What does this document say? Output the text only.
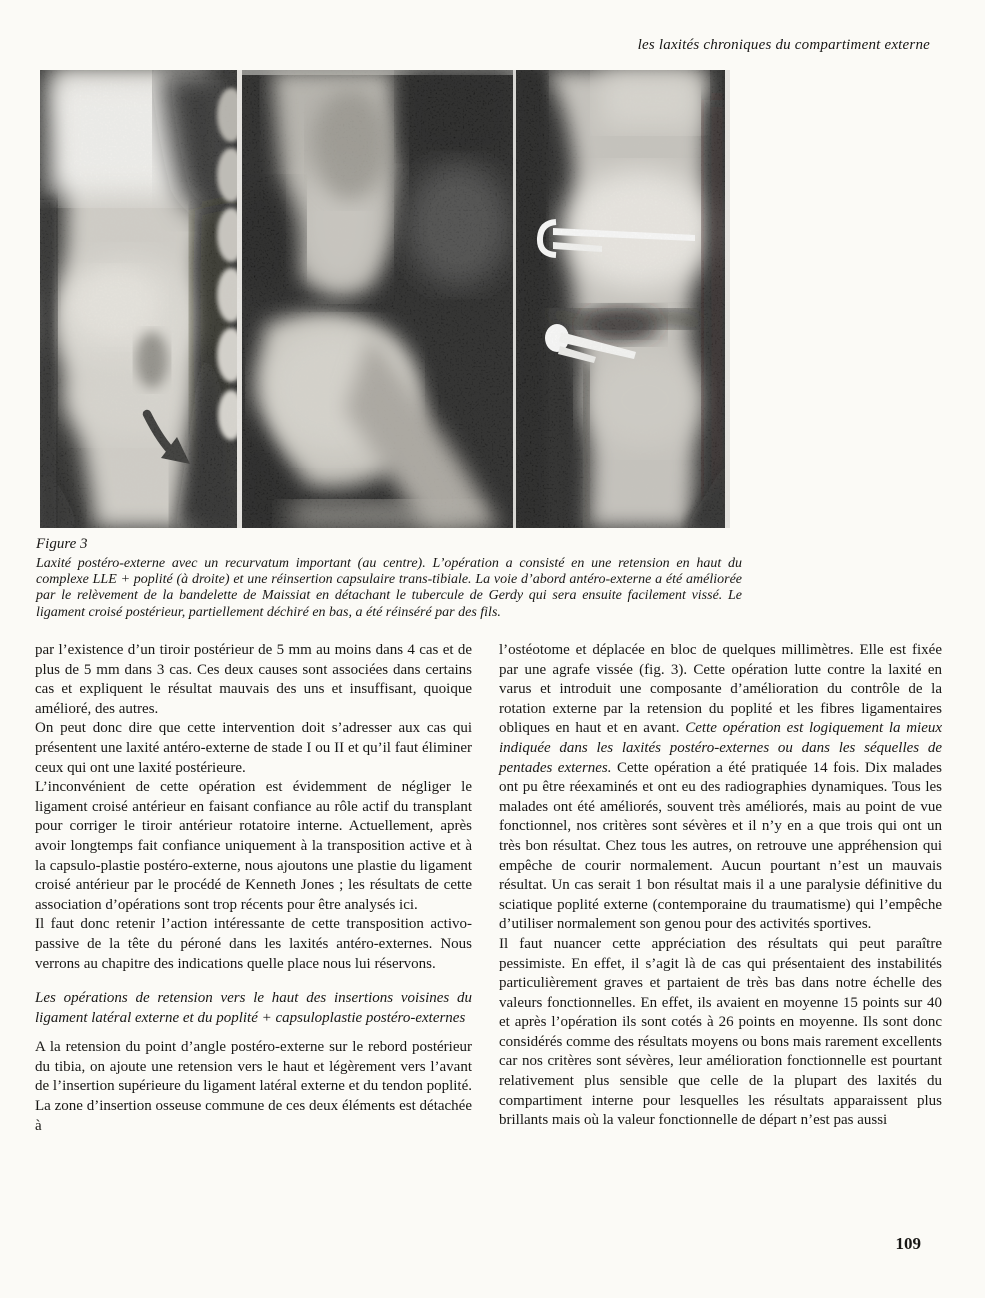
les laxités chroniques du compartiment externe
Figure 3
Laxité postéro-externe avec un recurvatum important (au centre). L’opération a consisté en une retension en haut du complexe LLE + poplité (à droite) et une réinsertion capsulaire trans-tibiale. La voie d’abord antéro-externe a été améliorée par le relèvement de la bandelette de Maissiat en détachant le tubercule de Gerdy qui sera ensuite facilement vissé. Le ligament croisé postérieur, partiellement déchiré en bas, a été réinséré par des fils.

par l’existence d’un tiroir postérieur de 5 mm au moins dans 4 cas et de plus de 5 mm dans 3 cas. Ces deux causes sont associées dans certains cas et expliquent le résultat mauvais des uns et insuffisant, quoique amélioré, des autres.

On peut donc dire que cette intervention doit s’adresser aux cas qui présentent une laxité antéro-externe de stade I ou II et qu’il faut éliminer ceux qui ont une laxité postérieure.

L’inconvénient de cette opération est évidemment de négliger le ligament croisé antérieur en faisant confiance au rôle actif du transplant pour corriger le tiroir antérieur rotatoire interne. Actuellement, après avoir longtemps fait confiance uniquement à la transposition active et à la capsulo-plastie postéro-externe, nous ajoutons une plastie du ligament croisé antérieur par le procédé de Kenneth Jones ; les résultats de cette association d’opérations sont trop récents pour être analysés ici.

Il faut donc retenir l’action intéressante de cette transposition activo-passive de la tête du péroné dans les laxités antéro-externes. Nous verrons au chapitre des indications quelle place nous lui réservons.

Les opérations de retension vers le haut des insertions voisines du ligament latéral externe et du poplité + capsuloplastie postéro-externes

A la retension du point d’angle postéro-externe sur le rebord postérieur du tibia, on ajoute une retension vers le haut et légèrement vers l’avant de l’insertion supérieure du ligament latéral externe et du tendon poplité. La zone d’insertion osseuse commune de ces deux éléments est détachée à

l’ostéotome et déplacée en bloc de quelques millimètres. Elle est fixée par une agrafe vissée (fig. 3). Cette opération lutte contre la laxité en varus et introduit une composante d’amélioration du contrôle de la rotation externe par la retension du poplité et les fibres ligamentaires obliques en haut et en avant. Cette opération est logiquement la mieux indiquée dans les laxités postéro-externes ou dans les séquelles de pentades externes. Cette opération a été pratiquée 14 fois. Dix malades ont pu être réexaminés et ont eu des radiographies dynamiques. Tous les malades ont été améliorés, souvent très améliorés, mais au point de vue fonctionnel, nos critères sont sévères et il n’y en a que trois qui ont un très bon résultat. Chez tous les autres, on retrouve une appréhension qui empêche de courir normalement. Aucun pourtant n’est un mauvais résultat. Un cas serait 1 bon résultat mais il a une paralysie définitive du sciatique poplité externe (contemporaine du traumatisme) qui l’empêche d’utiliser normalement son genou pour des activités sportives.

Il faut nuancer cette appréciation des résultats qui peut paraître pessimiste. En effet, il s’agit là de cas qui présentaient des instabilités particulièrement graves et partaient de très bas dans notre échelle des valeurs fonctionnelles. En effet, ils avaient en moyenne 15 points sur 40 et après l’opération ils sont cotés à 26 points en moyenne. Ils sont donc considérés comme des résultats moyens ou bons mais rarement excellents car nos critères sont sévères, leur amélioration fonctionnelle est pourtant relativement plus sensible que celle de la plupart des laxités du compartiment interne pour lesquelles les résultats apparaissent plus brillants mais où la valeur fonctionnelle de départ n’est pas aussi

109
